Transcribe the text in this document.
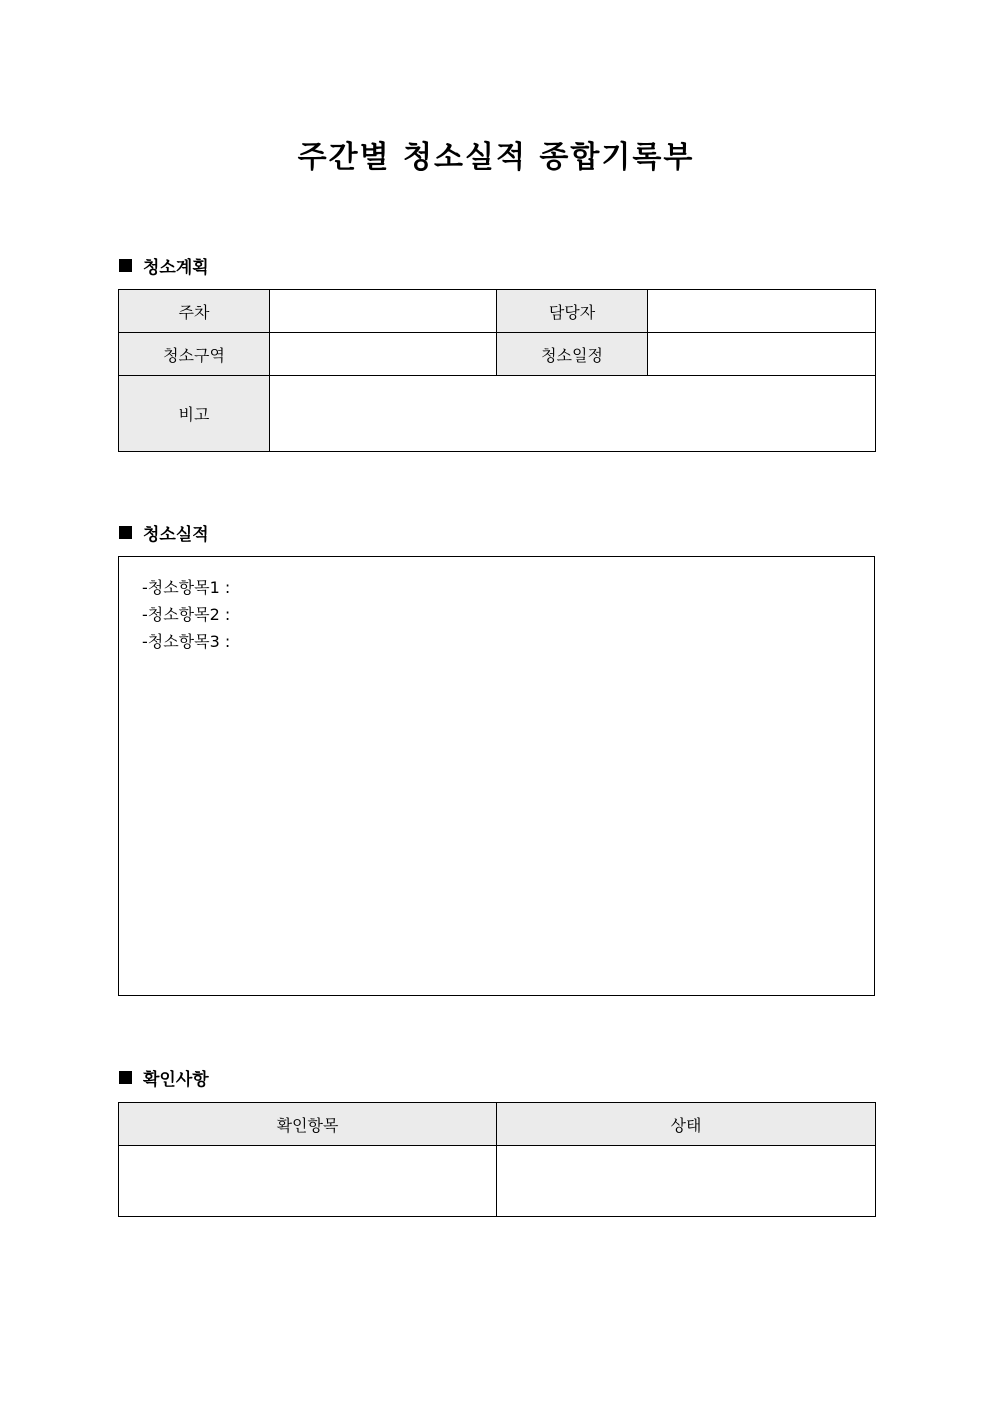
주간별 청소실적 종합기록부
청소계획
주차		담당자	
청소구역		청소일정	
비고			
청소실적
-청소항목1 :
-청소항목2 :
-청소항목3 :
확인사항
확인항목	상태
